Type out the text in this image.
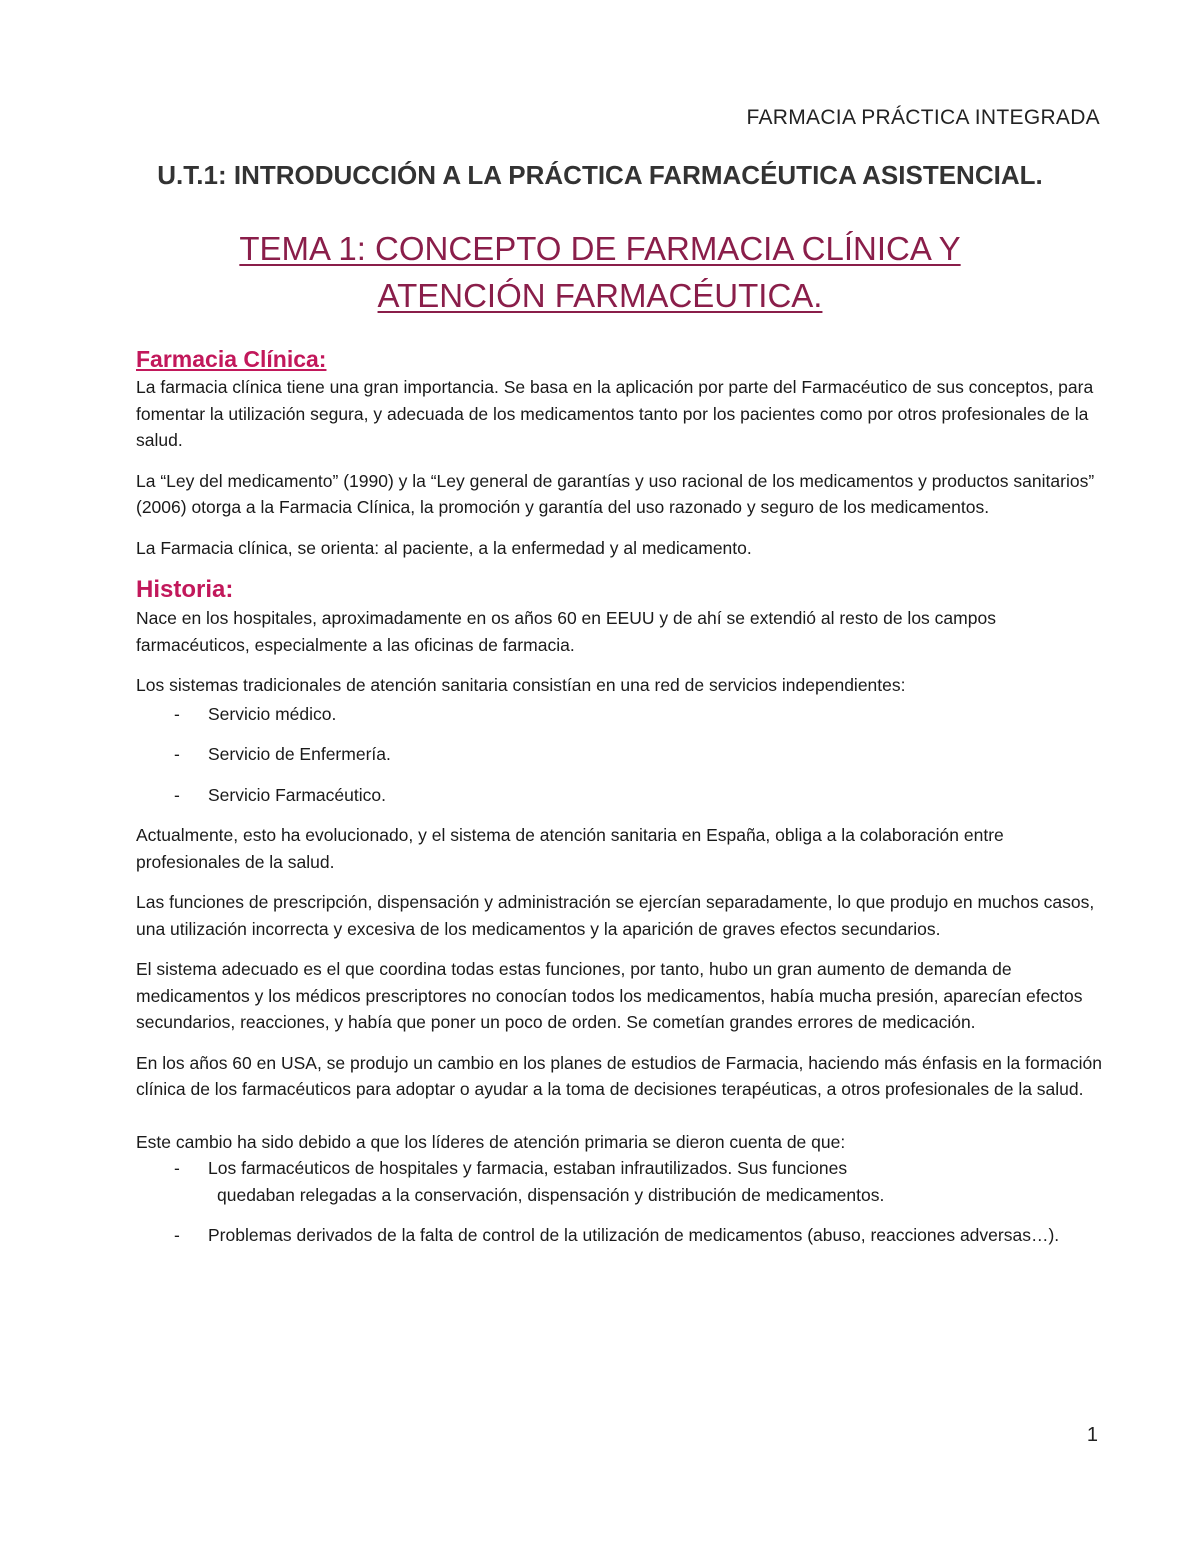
FARMACIA PRÁCTICA INTEGRADA
U.T.1: INTRODUCCIÓN A LA PRÁCTICA FARMACÉUTICA ASISTENCIAL.
TEMA 1: CONCEPTO DE FARMACIA CLÍNICA Y
ATENCIÓN FARMACÉUTICA.
Farmacia Clínica:

La farmacia clínica tiene una gran importancia. Se basa en la aplicación por parte del Farmacéutico de sus conceptos, para fomentar la utilización segura, y adecuada de los medicamentos tanto por los pacientes como por otros profesionales de la salud.

La “Ley del medicamento” (1990) y la “Ley general de garantías y uso racional de los medicamentos y productos sanitarios” (2006) otorga a la Farmacia Clínica, la promoción y garantía del uso razonado y seguro de los medicamentos.

La Farmacia clínica, se orienta: al paciente, a la enfermedad y al medicamento.

Historia:

Nace en los hospitales, aproximadamente en os años 60 en EEUU y de ahí se extendió al resto de los campos farmacéuticos, especialmente a las oficinas de farmacia.

Los sistemas tradicionales de atención sanitaria consistían en una red de servicios independientes:

- Servicio médico.
- Servicio de Enfermería.
- Servicio Farmacéutico.

Actualmente, esto ha evolucionado, y el sistema de atención sanitaria en España, obliga a la colaboración entre profesionales de la salud.

Las funciones de prescripción, dispensación y administración se ejercían separadamente, lo que produjo en muchos casos, una utilización incorrecta y excesiva de los medicamentos y la aparición de graves efectos secundarios.

El sistema adecuado es el que coordina todas estas funciones, por tanto, hubo un gran aumento de demanda de medicamentos y los médicos prescriptores no conocían todos los medicamentos, había mucha presión, aparecían efectos secundarios, reacciones, y había que poner un poco de orden. Se cometían grandes errores de medicación.

En los años 60 en USA, se produjo un cambio en los planes de estudios de Farmacia, haciendo más énfasis en la formación clínica de los farmacéuticos para adoptar o ayudar a la toma de decisiones terapéuticas, a otros profesionales de la salud.

Este cambio ha sido debido a que los líderes de atención primaria se dieron cuenta de que:

- Los farmacéuticos de hospitales y farmacia, estaban infrautilizados. Sus funciones
quedaban relegadas a la conservación, dispensación y distribución de medicamentos.
- Problemas derivados de la falta de control de la utilización de medicamentos (abuso, reacciones adversas…).
1
